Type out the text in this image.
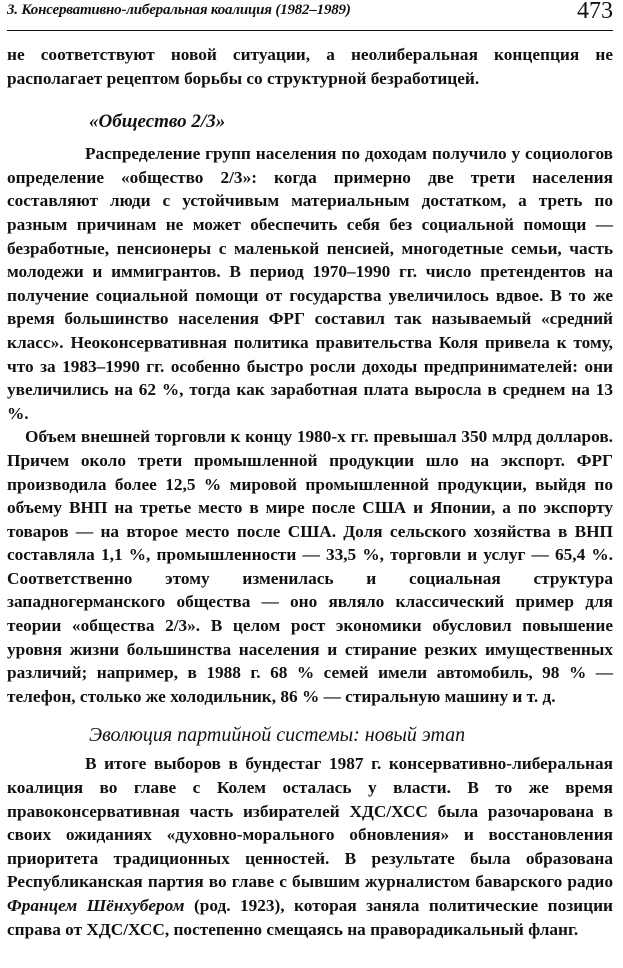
3. Консервативно-либеральная коалиция (1982–1989)	473

не соответствуют новой ситуации, а неолиберальная концепция не располагает рецептом борьбы со структурной безработицей.

«Общество 2/3»

Распределение групп населения по доходам получило у социологов определение «общество 2/3»: когда примерно две трети населения составляют люди с устойчивым материальным достатком, а треть по разным причинам не может обеспечить себя без социальной помощи — безработные, пенсионеры с маленькой пенсией, многодетные семьи, часть молодежи и иммигрантов. В период 1970–1990 гг. число претендентов на получение социальной помощи от государства увеличилось вдвое. В то же время большинство населения ФРГ составил так называемый «средний класс». Неоконсервативная политика правительства Коля привела к тому, что за 1983–1990 гг. особенно быстро росли доходы предпринимателей: они увеличились на 62 %, тогда как заработная плата выросла в среднем на 13 %.

Объем внешней торговли к концу 1980-х гг. превышал 350 млрд долларов. Причем около трети промышленной продукции шло на экспорт. ФРГ производила более 12,5 % мировой промышленной продукции, выйдя по объему ВНП на третье место в мире после США и Японии, а по экспорту товаров — на второе место после США. Доля сельского хозяйства в ВНП составляла 1,1 %, промышленности — 33,5 %, торговли и услуг — 65,4 %. Соответственно этому изменилась и социальная структура западногерманского общества — оно являло классический пример для теории «общества 2/3». В целом рост экономики обусловил повышение уровня жизни большинства населения и стирание резких имущественных различий; например, в 1988 г. 68 % семей имели автомобиль, 98 % — телефон, столько же холодильник, 86 % — стиральную машину и т. д.

Эволюция партийной системы: новый этап

В итоге выборов в бундестаг 1987 г. консервативно-либеральная коалиция во главе с Колем осталась у власти. В то же время правоконсервативная часть избирателей ХДС/ХСС была разочарована в своих ожиданиях «духовно-морального обновления» и восстановления приоритета традиционных ценностей. В результате была образована Республиканская партия во главе с бывшим журналистом баварского радио Францем Шёнхубером (род. 1923), которая заняла политические позиции справа от ХДС/ХСС, постепенно смещаясь на праворадикальный фланг.
